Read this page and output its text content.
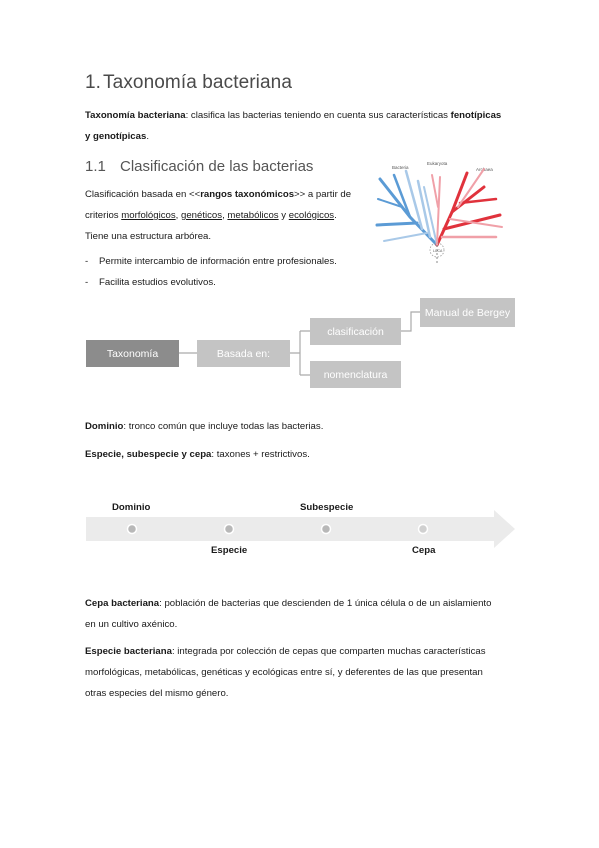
1. Taxonomía bacteriana
Taxonomía bacteriana: clasifica las bacterias teniendo en cuenta sus características fenotípicas
y genotípicas.
1.1 Clasificación de las bacterias
Clasificación basada en <<rangos taxonómicos>> a partir de
criterios morfológicos, genéticos, metabólicos y ecológicos.
Tiene una estructura arbórea.
Bacteria
Eukaryota
Archaea
LUCA
- Permite intercambio de información entre profesionales.
- Facilita estudios evolutivos.
Taxonomía	Basada en:
clasificación
nomenclatura
Manual de Bergey
Dominio: tronco común que incluye todas las bacterias.
Especie, subespecie y cepa: taxones + restrictivos.
Dominio
Especie
Subespecie
Cepa
Cepa bacteriana: población de bacterias que descienden de 1 única célula o de un aislamiento
en un cultivo axénico.
Especie bacteriana: integrada por colección de cepas que comparten muchas características
morfológicas, metabólicas, genéticas y ecológicas entre sí, y deferentes de las que presentan
otras especies del mismo género.
